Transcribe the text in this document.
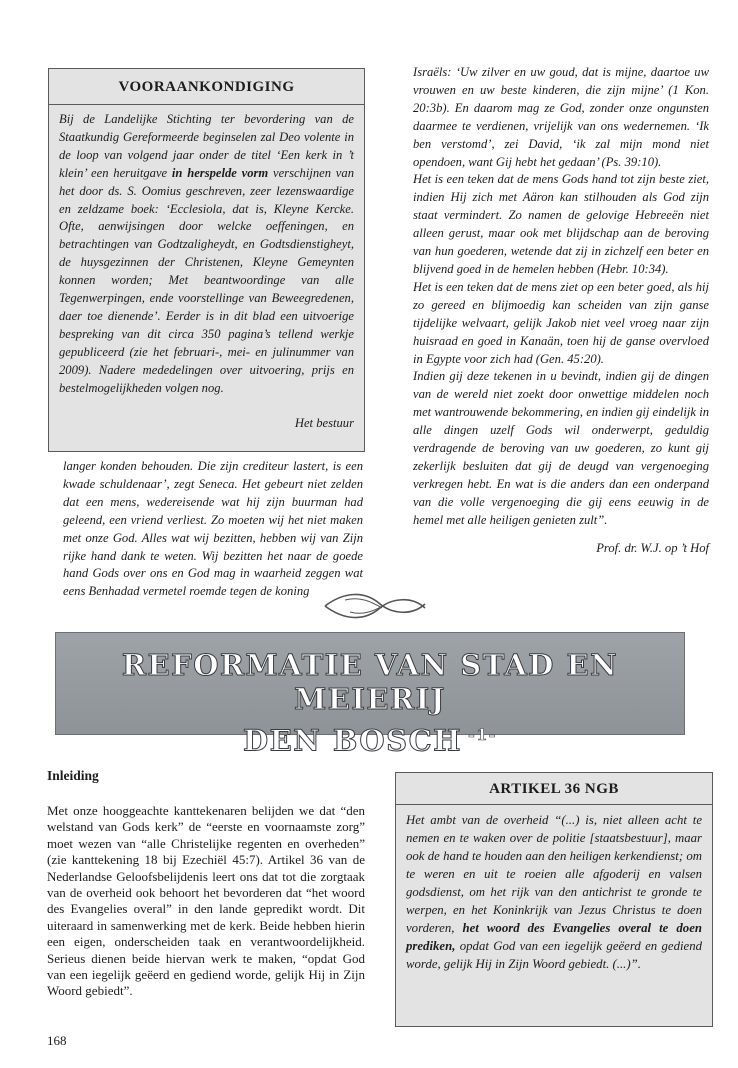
VOORAANKONDIGING
Bij de Landelijke Stichting ter bevordering van de Staatkundig Gereformeerde beginselen zal Deo volente in de loop van volgend jaar onder de titel ‘Een kerk in ’t klein’ een heruitgave in herspelde vorm verschijnen van het door ds. S. Oomius geschreven, zeer lezenswaardige en zeldzame boek: ‘Ecclesiola, dat is, Kleyne Kercke. Ofte, aenwijsingen door welcke oeffeningen, en betrachtingen van Godtzaligheydt, en Godtsdienstigheyt, de huysgezinnen der Christenen, Kleyne Gemeynten konnen worden; Met beantwoordinge van alle Tegenwerpingen, ende voorstellinge van Beweegredenen, daer toe dienende’. Eerder is in dit blad een uitvoerige bespreking van dit circa 350 pagina’s tellend werkje gepubliceerd (zie het februari-, mei- en julinummer van 2009). Nadere mededelingen over uitvoering, prijs en bestelmogelijkheden volgen nog.
Het bestuur

langer konden behouden. Die zijn crediteur lastert, is een kwade schuldenaar’, zegt Seneca. Het gebeurt niet zelden dat een mens, wedereisende wat hij zijn buurman had geleend, een vriend verliest. Zo moeten wij het niet maken met onze God. Alles wat wij bezitten, hebben wij van Zijn rijke hand dank te weten. Wij bezitten het naar de goede hand Gods over ons en God mag in waarheid zeggen wat eens Benhadad vermetel roemde tegen de koning

Israëls: ‘Uw zilver en uw goud, dat is mijne, daartoe uw vrouwen en uw beste kinderen, die zijn mijne’ (1 Kon. 20:3b). En daarom mag ze God, zonder onze ongunsten daarmee te verdienen, vrijelijk van ons wedernemen. ‘Ik ben verstomd’, zei David, ‘ik zal mijn mond niet opendoen, want Gij hebt het gedaan’ (Ps. 39:10).

Het is een teken dat de mens Gods hand tot zijn beste ziet, indien Hij zich met Aäron kan stilhouden als God zijn staat vermindert. Zo namen de gelovige Hebreeën niet alleen gerust, maar ook met blijdschap aan de beroving van hun goederen, wetende dat zij in zichzelf een beter en blijvend goed in de hemelen hebben (Hebr. 10:34).

Het is een teken dat de mens ziet op een beter goed, als hij zo gereed en blijmoedig kan scheiden van zijn ganse tijdelijke welvaart, gelijk Jakob niet veel vroeg naar zijn huisraad en goed in Kanaän, toen hij de ganse overvloed in Egypte voor zich had (Gen. 45:20).

Indien gij deze tekenen in u bevindt, indien gij de dingen van de wereld niet zoekt door onwettige middelen noch met wantrouwende bekommering, en indien gij eindelijk in alle dingen uzelf Gods wil onderwerpt, geduldig verdragende de beroving van uw goederen, zo kunt gij zekerlijk besluiten dat gij de deugd van vergenoeging verkregen hebt. En wat is die anders dan een onderpand van die volle vergenoeging die gij eens eeuwig in de hemel met alle heiligen genieten zult”.

Prof. dr. W.J. op ’t Hof

REFORMATIE VAN STAD EN MEIERIJ
DEN BOSCH $^{-1-}$
Inleiding
Met onze hooggeachte kanttekenaren belijden we dat “den welstand van Gods kerk” de “eerste en voornaamste zorg” moet wezen van “alle Christelijke regenten en overheden” (zie kanttekening 18 bij Ezechiël 45:7). Artikel 36 van de Nederlandse Geloofsbelijdenis leert ons dat tot die zorgtaak van de overheid ook behoort het bevorderen dat “het woord des Evangelies overal” in den lande gepredikt wordt. Dit uiteraard in samenwerking met de kerk. Beide hebben hierin een eigen, onderscheiden taak en verantwoordelijkheid. Serieus dienen beide hiervan werk te maken, “opdat God van een iegelijk geëerd en gediend worde, gelijk Hij in Zijn Woord gebiedt”.
ARTIKEL 36 NGB
Het ambt van de overheid “(...) is, niet alleen acht te nemen en te waken over de politie [staatsbestuur], maar ook de hand te houden aan den heiligen kerkendienst; om te weren en uit te roeien alle afgoderij en valsen godsdienst, om het rijk van den antichrist te gronde te werpen, en het Koninkrijk van Jezus Christus te doen vorderen, het woord des Evangelies overal te doen prediken, opdat God van een iegelijk geëerd en gediend worde, gelijk Hij in Zijn Woord gebiedt. (...)”.
168
